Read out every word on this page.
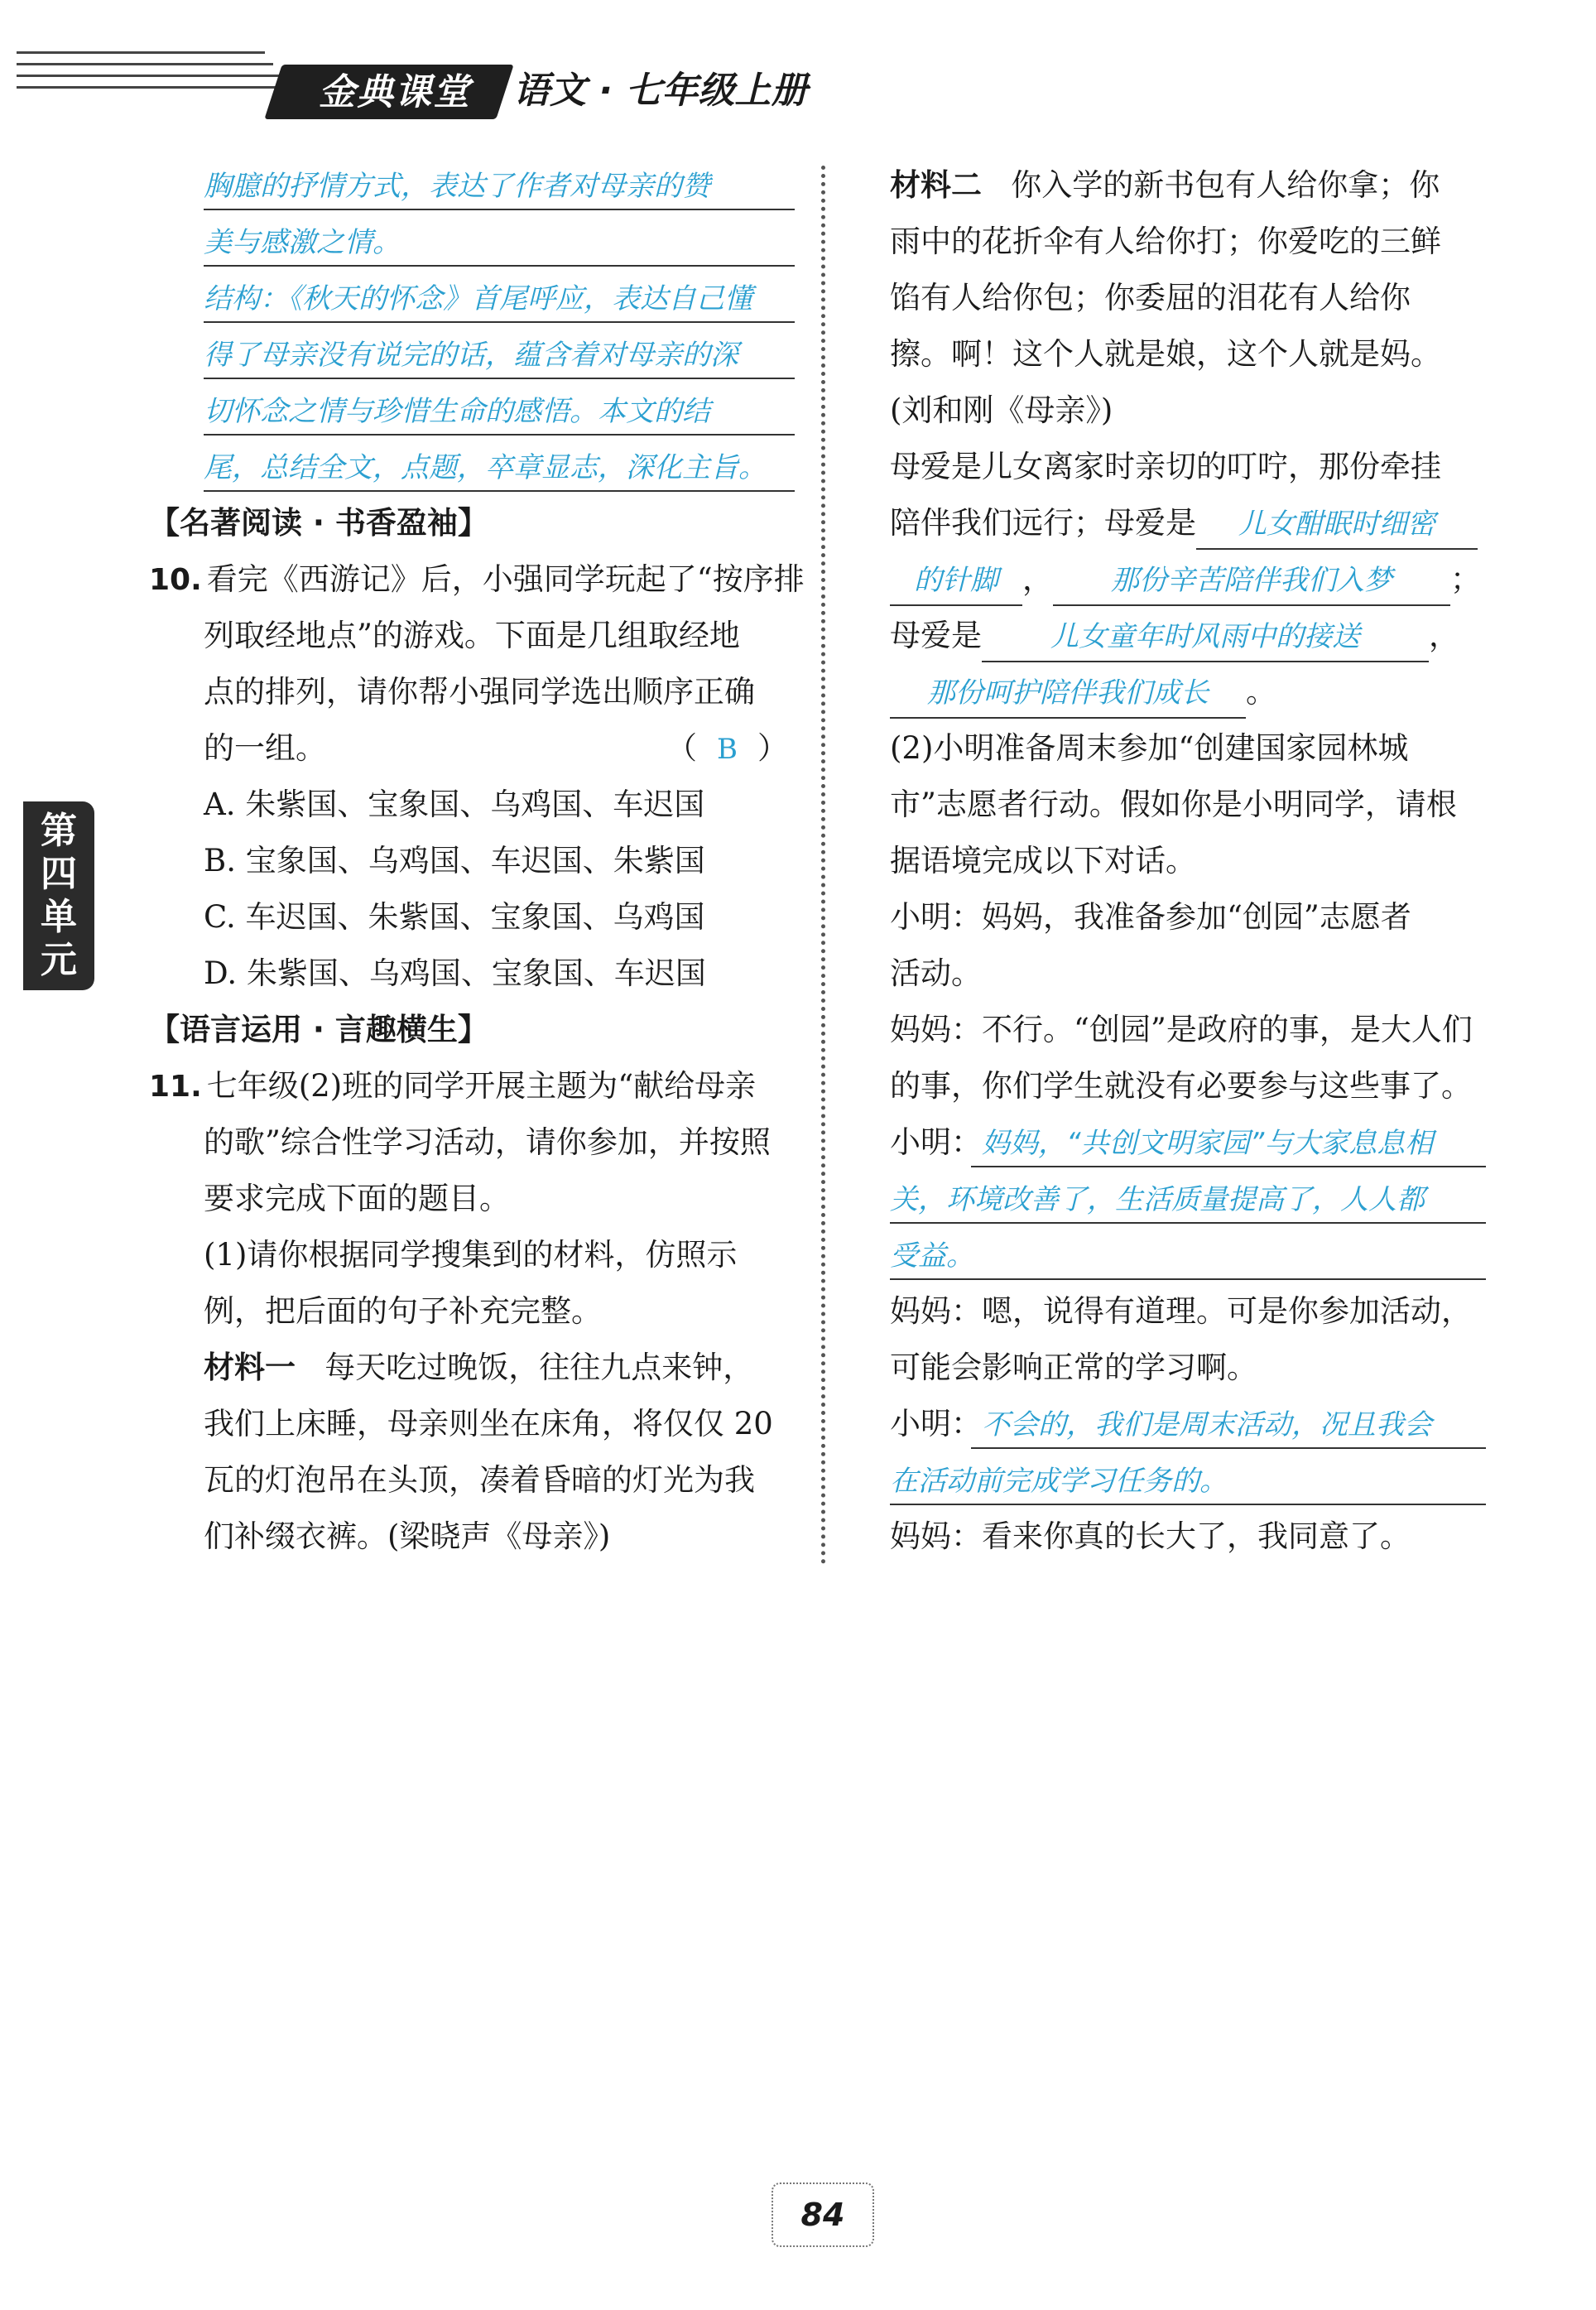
金典课堂	语文 · 七年级上册
第
四
单
元
胸臆的抒情方式，表达了作者对母亲的赞
美与感激之情。
结构：《秋天的怀念》首尾呼应，表达自己懂
得了母亲没有说完的话，蕴含着对母亲的深
切怀念之情与珍惜生命的感悟。本文的结
尾，总结全文，点题，卒章显志，深化主旨。
【名著阅读 · 书香盈袖】
10. 看完《西游记》后，小强同学玩起了“按序排
列取经地点”的游戏。下面是几组取经地
点的排列，请你帮小强同学选出顺序正确
的一组。	（ B ）
A. 朱紫国、宝象国、乌鸡国、车迟国
B. 宝象国、乌鸡国、车迟国、朱紫国
C. 车迟国、朱紫国、宝象国、乌鸡国
D. 朱紫国、乌鸡国、宝象国、车迟国
【语言运用 · 言趣横生】
11. 七年级(2)班的同学开展主题为“献给母亲
的歌”综合性学习活动，请你参加，并按照
要求完成下面的题目。
(1)请你根据同学搜集到的材料，仿照示
例，把后面的句子补充完整。
材料一 每天吃过晚饭，往往九点来钟，
我们上床睡，母亲则坐在床角，将仅仅 20
瓦的灯泡吊在头顶，凑着昏暗的灯光为我
们补缀衣裤。(梁晓声《母亲》)
材料二 你入学的新书包有人给你拿；你
雨中的花折伞有人给你打；你爱吃的三鲜
馅有人给你包；你委屈的泪花有人给你
擦。啊！这个人就是娘，这个人就是妈。
(刘和刚《母亲》)
母爱是儿女离家时亲切的叮咛，那份牵挂
陪伴我们远行；母爱是 儿女酣眠时细密
的针脚 ， 那份辛苦陪伴我们入梦 ；
母爱是 儿女童年时风雨中的接送 ，
那份呵护陪伴我们成长 。
(2)小明准备周末参加“创建国家园林城
市”志愿者行动。假如你是小明同学，请根
据语境完成以下对话。
小明：妈妈，我准备参加“创园”志愿者
活动。
妈妈：不行。“创园”是政府的事，是大人们
的事，你们学生就没有必要参与这些事了。
小明：妈妈，“共创文明家园”与大家息息相
关，环境改善了，生活质量提高了，人人都
受益。
妈妈：嗯，说得有道理。可是你参加活动，
可能会影响正常的学习啊。
小明：不会的，我们是周末活动，况且我会
在活动前完成学习任务的。
妈妈：看来你真的长大了，我同意了。
84
